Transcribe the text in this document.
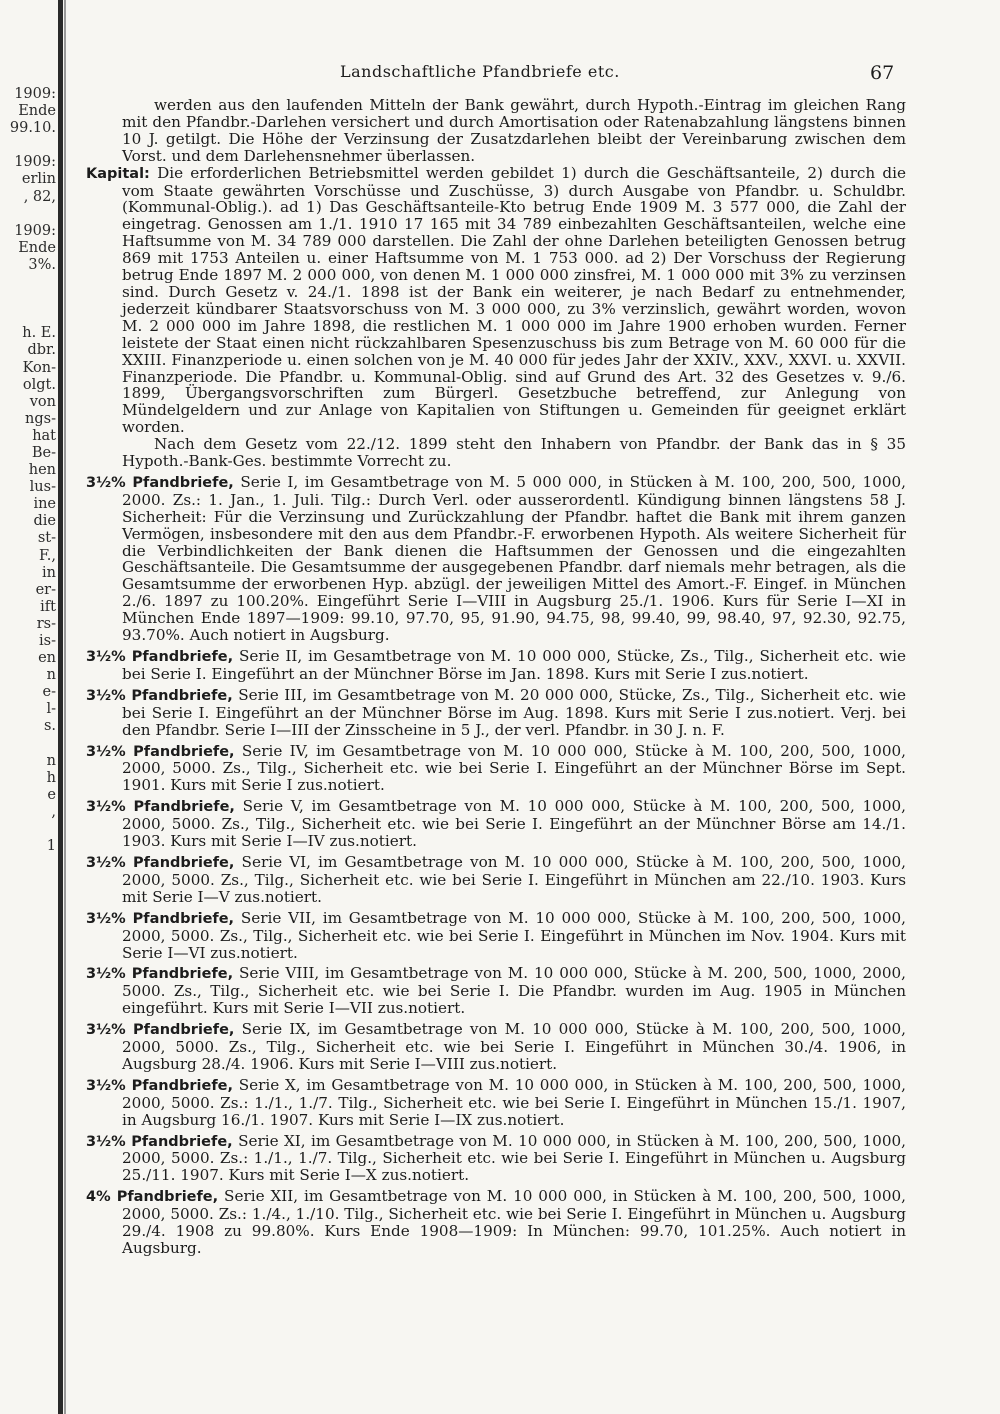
1909:
Ende
99.10.
1909:
erlin
, 82,
1909:
Ende
3%.
h. E.
dbr.
Kon-
olgt.
von
ngs-
hat
Be-
hen
lus-
ine
die
st-
F.,
in
er-
ift
rs-
is-
en
n
e-
l-
s.
n
h
e
,
1
Landschaftliche Pfandbriefe etc.	67

werden aus den laufenden Mitteln der Bank gewährt, durch Hypoth.-Eintrag im gleichen Rang mit den Pfandbr.-Darlehen versichert und durch Amortisation oder Ratenabzahlung längstens binnen 10 J. getilgt. Die Höhe der Verzinsung der Zusatzdarlehen bleibt der Vereinbarung zwischen dem Vorst. und dem Darlehensnehmer überlassen.

Kapital: Die erforderlichen Betriebsmittel werden gebildet 1) durch die Geschäftsanteile, 2) durch die vom Staate gewährten Vorschüsse und Zuschüsse, 3) durch Ausgabe von Pfandbr. u. Schuldbr. (Kommunal-Oblig.). ad 1) Das Geschäftsanteile-Kto betrug Ende 1909 M. 3 577 000, die Zahl der eingetrag. Genossen am 1./1. 1910 17 165 mit 34 789 einbezahlten Geschäftsanteilen, welche eine Haftsumme von M. 34 789 000 darstellen. Die Zahl der ohne Darlehen beteiligten Genossen betrug 869 mit 1753 Anteilen u. einer Haftsumme von M. 1 753 000. ad 2) Der Vorschuss der Regierung betrug Ende 1897 M. 2 000 000, von denen M. 1 000 000 zinsfrei, M. 1 000 000 mit 3% zu verzinsen sind. Durch Gesetz v. 24./1. 1898 ist der Bank ein weiterer, je nach Bedarf zu entnehmender, jederzeit kündbarer Staatsvorschuss von M. 3 000 000, zu 3% verzinslich, gewährt worden, wovon M. 2 000 000 im Jahre 1898, die restlichen M. 1 000 000 im Jahre 1900 erhoben wurden. Ferner leistete der Staat einen nicht rückzahlbaren Spesenzuschuss bis zum Betrage von M. 60 000 für die XXIII. Finanzperiode u. einen solchen von je M. 40 000 für jedes Jahr der XXIV., XXV., XXVI. u. XXVII. Finanzperiode. Die Pfandbr. u. Kommunal-Oblig. sind auf Grund des Art. 32 des Gesetzes v. 9./6. 1899, Übergangsvorschriften zum Bürgerl. Gesetzbuche betreffend, zur Anlegung von Mündelgeldern und zur Anlage von Kapitalien von Stiftungen u. Gemeinden für geeignet erklärt worden.

Nach dem Gesetz vom 22./12. 1899 steht den Inhabern von Pfandbr. der Bank das in § 35 Hypoth.-Bank-Ges. bestimmte Vorrecht zu.

3½% Pfandbriefe, Serie I, im Gesamtbetrage von M. 5 000 000, in Stücken à M. 100, 200, 500, 1000, 2000. Zs.: 1. Jan., 1. Juli. Tilg.: Durch Verl. oder ausserordentl. Kündigung binnen längstens 58 J. Sicherheit: Für die Verzinsung und Zurückzahlung der Pfandbr. haftet die Bank mit ihrem ganzen Vermögen, insbesondere mit den aus dem Pfandbr.-F. erworbenen Hypoth. Als weitere Sicherheit für die Verbindlichkeiten der Bank dienen die Haftsummen der Genossen und die eingezahlten Geschäftsanteile. Die Gesamtsumme der ausgegebenen Pfandbr. darf niemals mehr betragen, als die Gesamtsumme der erworbenen Hyp. abzügl. der jeweiligen Mittel des Amort.-F. Eingef. in München 2./6. 1897 zu 100.20%. Eingeführt Serie I—VIII in Augsburg 25./1. 1906. Kurs für Serie I—XI in München Ende 1897—1909: 99.10, 97.70, 95, 91.90, 94.75, 98, 99.40, 99, 98.40, 97, 92.30, 92.75, 93.70%. Auch notiert in Augsburg.

3½% Pfandbriefe, Serie II, im Gesamtbetrage von M. 10 000 000, Stücke, Zs., Tilg., Sicherheit etc. wie bei Serie I. Eingeführt an der Münchner Börse im Jan. 1898. Kurs mit Serie I zus.notiert.

3½% Pfandbriefe, Serie III, im Gesamtbetrage von M. 20 000 000, Stücke, Zs., Tilg., Sicherheit etc. wie bei Serie I. Eingeführt an der Münchner Börse im Aug. 1898. Kurs mit Serie I zus.notiert. Verj. bei den Pfandbr. Serie I—III der Zinsscheine in 5 J., der verl. Pfandbr. in 30 J. n. F.

3½% Pfandbriefe, Serie IV, im Gesamtbetrage von M. 10 000 000, Stücke à M. 100, 200, 500, 1000, 2000, 5000. Zs., Tilg., Sicherheit etc. wie bei Serie I. Eingeführt an der Münchner Börse im Sept. 1901. Kurs mit Serie I zus.notiert.

3½% Pfandbriefe, Serie V, im Gesamtbetrage von M. 10 000 000, Stücke à M. 100, 200, 500, 1000, 2000, 5000. Zs., Tilg., Sicherheit etc. wie bei Serie I. Eingeführt an der Münchner Börse am 14./1. 1903. Kurs mit Serie I—IV zus.notiert.

3½% Pfandbriefe, Serie VI, im Gesamtbetrage von M. 10 000 000, Stücke à M. 100, 200, 500, 1000, 2000, 5000. Zs., Tilg., Sicherheit etc. wie bei Serie I. Eingeführt in München am 22./10. 1903. Kurs mit Serie I—V zus.notiert.

3½% Pfandbriefe, Serie VII, im Gesamtbetrage von M. 10 000 000, Stücke à M. 100, 200, 500, 1000, 2000, 5000. Zs., Tilg., Sicherheit etc. wie bei Serie I. Eingeführt in München im Nov. 1904. Kurs mit Serie I—VI zus.notiert.

3½% Pfandbriefe, Serie VIII, im Gesamtbetrage von M. 10 000 000, Stücke à M. 200, 500, 1000, 2000, 5000. Zs., Tilg., Sicherheit etc. wie bei Serie I. Die Pfandbr. wurden im Aug. 1905 in München eingeführt. Kurs mit Serie I—VII zus.notiert.

3½% Pfandbriefe, Serie IX, im Gesamtbetrage von M. 10 000 000, Stücke à M. 100, 200, 500, 1000, 2000, 5000. Zs., Tilg., Sicherheit etc. wie bei Serie I. Eingeführt in München 30./4. 1906, in Augsburg 28./4. 1906. Kurs mit Serie I—VIII zus.notiert.

3½% Pfandbriefe, Serie X, im Gesamtbetrage von M. 10 000 000, in Stücken à M. 100, 200, 500, 1000, 2000, 5000. Zs.: 1./1., 1./7. Tilg., Sicherheit etc. wie bei Serie I. Eingeführt in München 15./1. 1907, in Augsburg 16./1. 1907. Kurs mit Serie I—IX zus.notiert.

3½% Pfandbriefe, Serie XI, im Gesamtbetrage von M. 10 000 000, in Stücken à M. 100, 200, 500, 1000, 2000, 5000. Zs.: 1./1., 1./7. Tilg., Sicherheit etc. wie bei Serie I. Eingeführt in München u. Augsburg 25./11. 1907. Kurs mit Serie I—X zus.notiert.

4% Pfandbriefe, Serie XII, im Gesamtbetrage von M. 10 000 000, in Stücken à M. 100, 200, 500, 1000, 2000, 5000. Zs.: 1./4., 1./10. Tilg., Sicherheit etc. wie bei Serie I. Eingeführt in München u. Augsburg 29./4. 1908 zu 99.80%. Kurs Ende 1908—1909: In München: 99.70, 101.25%. Auch notiert in Augsburg.
